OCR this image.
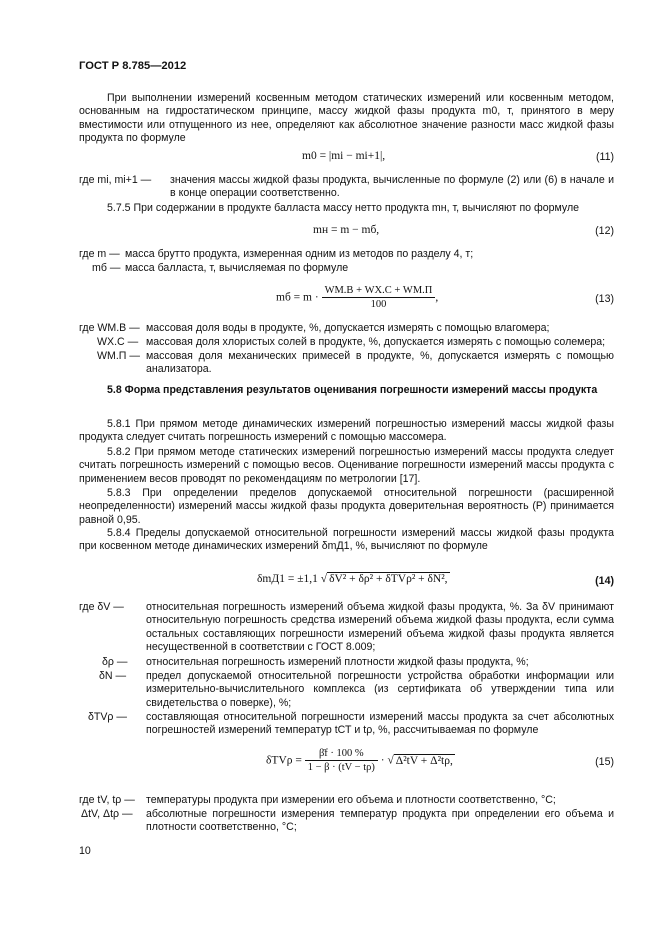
ГОСТ Р 8.785—2012
При выполнении измерений косвенным методом статических измерений или косвенным методом, основанным на гидростатическом принципе, массу жидкой фазы продукта m0, т, принятого в меру вместимости или отпущенного из нее, определяют как абсолютное значение разности масс жидкой фазы продукта по формуле
m0 = |mi − mi+1|,	(11)
где mi, mi+1 — значения массы жидкой фазы продукта, вычисленные по формуле (2) или (6) в начале и в конце операции соответственно.
5.7.5 При содержании в продукте балласта массу нетто продукта mн, т, вычисляют по формуле
mн = m − mб,	(12)
где m — масса брутто продукта, измеренная одним из методов по разделу 4, т;
mб — масса балласта, т, вычисляемая по формуле
mб = $m \cdot \frac{WМ.В + WХ.С + WМ.П}{100}$ ,	(13)
где WМ.В — массовая доля воды в продукте, %, допускается измерять с помощью влагомера;
WХ.С — массовая доля хлористых солей в продукте, %, допускается измерять с помощью солемера;
WМ.П — массовая доля механических примесей в продукте, %, допускается измерять с помощью анализатора.
5.8 Форма представления результатов оценивания погрешности измерений массы продукта
5.8.1 При прямом методе динамических измерений погрешностью измерений массы жидкой фазы продукта следует считать погрешность измерений с помощью массомера.
5.8.2 При прямом методе статических измерений погрешностью измерений массы продукта следует считать погрешность измерений с помощью весов. Оценивание погрешности измерений массы продукта с применением весов проводят по рекомендациям по метрологии [17].
5.8.3 При определении пределов допускаемой относительной погрешности (расширенной неопределенности) измерений массы жидкой фазы продукта доверительная вероятность (P) принимается равной 0,95.
5.8.4 Пределы допускаемой относительной погрешности измерений массы жидкой фазы продукта при косвенном методе динамических измерений δmД1, %, вычисляют по формуле
δmД1 = ±1,1 √ δV² + δρ² + δTVρ² + δN²,	(14)
где δV — относительная погрешность измерений объема жидкой фазы продукта, %. За δV принимают относительную погрешность средства измерений объема жидкой фазы продукта, если сумма остальных составляющих погрешности измерений объема жидкой фазы продукта является несущественной в соответствии с ГОСТ 8.009;
δρ — относительная погрешность измерений плотности жидкой фазы продукта, %;
δN — предел допускаемой относительной погрешности устройства обработки информации или измерительно-вычислительного комплекса (из сертификата об утверждении типа или свидетельства о поверке), %;
δTVρ — составляющая относительной погрешности измерений массы продукта за счет абсолютных погрешностей измерений температур tСТ и tρ, %, рассчитываемая по формуле
$\delta TV\rho = \frac{\betāf \cdot 100 \%}{1 - \beta \cdot (tV - t\rho)}$ · √ Δ²tV + Δ²tρ,	(15)
где tV, tρ — температуры продукта при измерении его объема и плотности соответственно, °C;
ΔtV, Δtρ — абсолютные погрешности измерения температур продукта при определении его объема и плотности соответственно, °C;
10
